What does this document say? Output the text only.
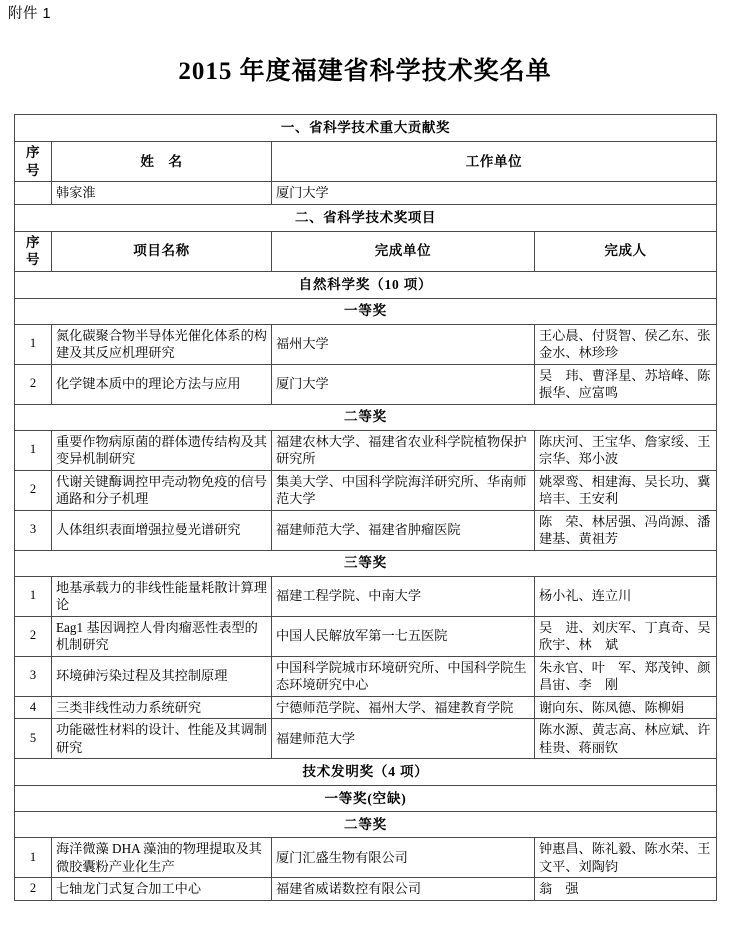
附件 1
2015 年度福建省科学技术奖名单
一、省科学技术重大贡献奖			
序号	姓　名	工作单位	
	韩家淮	厦门大学	
二、省科学技术奖项目			
序号	项目名称	完成单位	完成人
自然科学奖（10 项）			
一等奖			
1	氮化碳聚合物半导体光催化体系的构建及其反应机理研究	福州大学	王心晨、付贤智、侯乙东、张金水、林珍珍
2	化学键本质中的理论方法与应用	厦门大学	吴　玮、曹泽星、苏培峰、陈振华、应富鸣
二等奖			
1	重要作物病原菌的群体遗传结构及其变异机制研究	福建农林大学、福建省农业科学院植物保护研究所	陈庆河、王宝华、詹家绥、王宗华、郑小波
2	代谢关键酶调控甲壳动物免疫的信号通路和分子机理	集美大学、中国科学院海洋研究所、华南师范大学	姚翠鸾、相建海、吴长功、冀培丰、王安利
3	人体组织表面增强拉曼光谱研究	福建师范大学、福建省肿瘤医院	陈　荣、林居强、冯尚源、潘建基、黄祖芳
三等奖			
1	地基承载力的非线性能量耗散计算理论	福建工程学院、中南大学	杨小礼、连立川
2	Eag1 基因调控人骨肉瘤恶性表型的机制研究	中国人民解放军第一七五医院	吴　进、刘庆军、丁真奇、吴欣宇、林　斌
3	环境砷污染过程及其控制原理	中国科学院城市环境研究所、中国科学院生态环境研究中心	朱永官、叶　军、郑茂钟、颜昌宙、李　刚
4	三类非线性动力系统研究	宁德师范学院、福州大学、福建教育学院	谢向东、陈凤德、陈柳娟
5	功能磁性材料的设计、性能及其调制研究	福建师范大学	陈水源、黄志高、林应斌、许桂贵、蒋丽钦
技术发明奖（4 项）			
一等奖(空缺)			
二等奖			
1	海洋微藻 DHA 藻油的物理提取及其微胶囊粉产业化生产	厦门汇盛生物有限公司	钟惠昌、陈礼毅、陈水荣、王文平、刘陶钧
2	七轴龙门式复合加工中心	福建省威诺数控有限公司	翁　强
